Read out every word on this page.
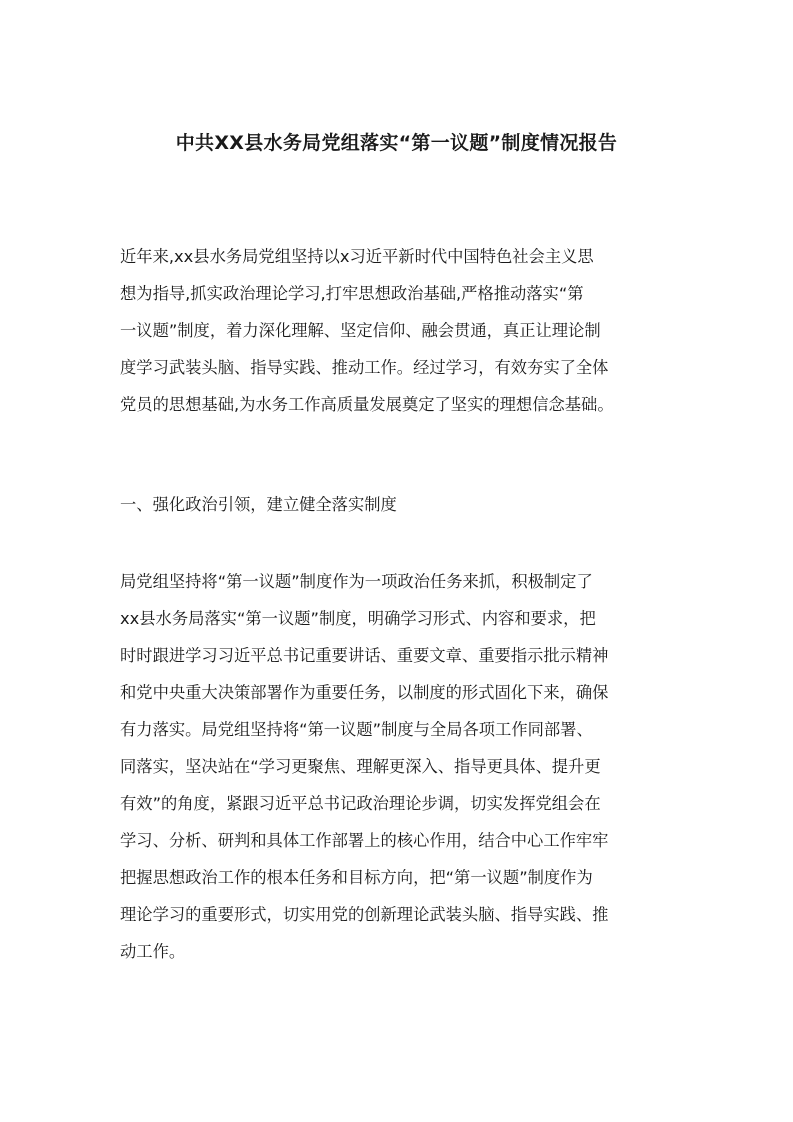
中共XX县水务局党组落实“第一议题”制度情况报告
近年来,xx县水务局党组坚持以x习近平新时代中国特色社会主义思
想为指导,抓实政治理论学习,打牢思想政治基础,严格推动落实“第
一议题”制度，着力深化理解、坚定信仰、融会贯通，真正让理论制
度学习武装头脑、指导实践、推动工作。经过学习，有效夯实了全体
党员的思想基础,为水务工作高质量发展奠定了坚实的理想信念基础。
一、强化政治引领，建立健全落实制度
局党组坚持将“第一议题”制度作为一项政治任务来抓，积极制定了
xx县水务局落实“第一议题”制度，明确学习形式、内容和要求，把
时时跟进学习习近平总书记重要讲话、重要文章、重要指示批示精神
和党中央重大决策部署作为重要任务，以制度的形式固化下来，确保
有力落实。局党组坚持将“第一议题”制度与全局各项工作同部署、
同落实，坚决站在“学习更聚焦、理解更深入、指导更具体、提升更
有效”的角度，紧跟习近平总书记政治理论步调，切实发挥党组会在
学习、分析、研判和具体工作部署上的核心作用，结合中心工作牢牢
把握思想政治工作的根本任务和目标方向，把“第一议题”制度作为
理论学习的重要形式，切实用党的创新理论武装头脑、指导实践、推
动工作。
